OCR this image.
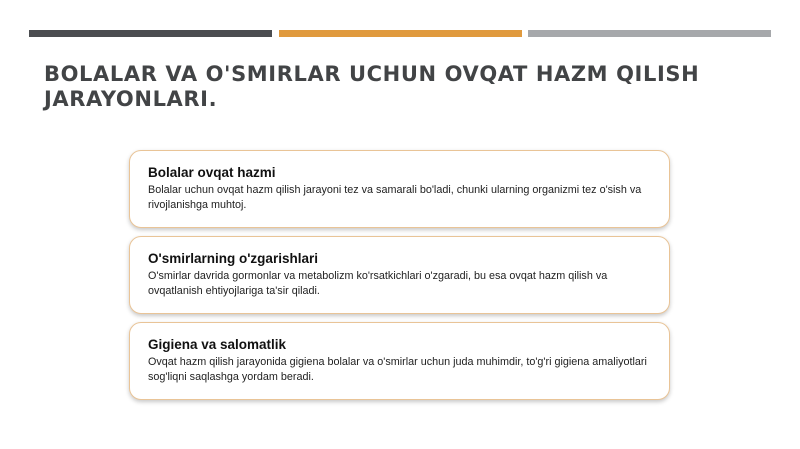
BOLALAR VA O'SMIRLAR UCHUN OVQAT HAZM QILISH JARAYONLARI.
Bolalar ovqat hazmi

Bolalar uchun ovqat hazm qilish jarayoni tez va samarali bo'ladi, chunki ularning organizmi tez o'sish va rivojlanishga muhtoj.

O'smirlarning o'zgarishlari

O'smirlar davrida gormonlar va metabolizm ko'rsatkichlari o'zgaradi, bu esa ovqat hazm qilish va ovqatlanish ehtiyojlariga ta'sir qiladi.

Gigiena va salomatlik

Ovqat hazm qilish jarayonida gigiena bolalar va o'smirlar uchun juda muhimdir, to'g'ri gigiena amaliyotlari sog'liqni saqlashga yordam beradi.
